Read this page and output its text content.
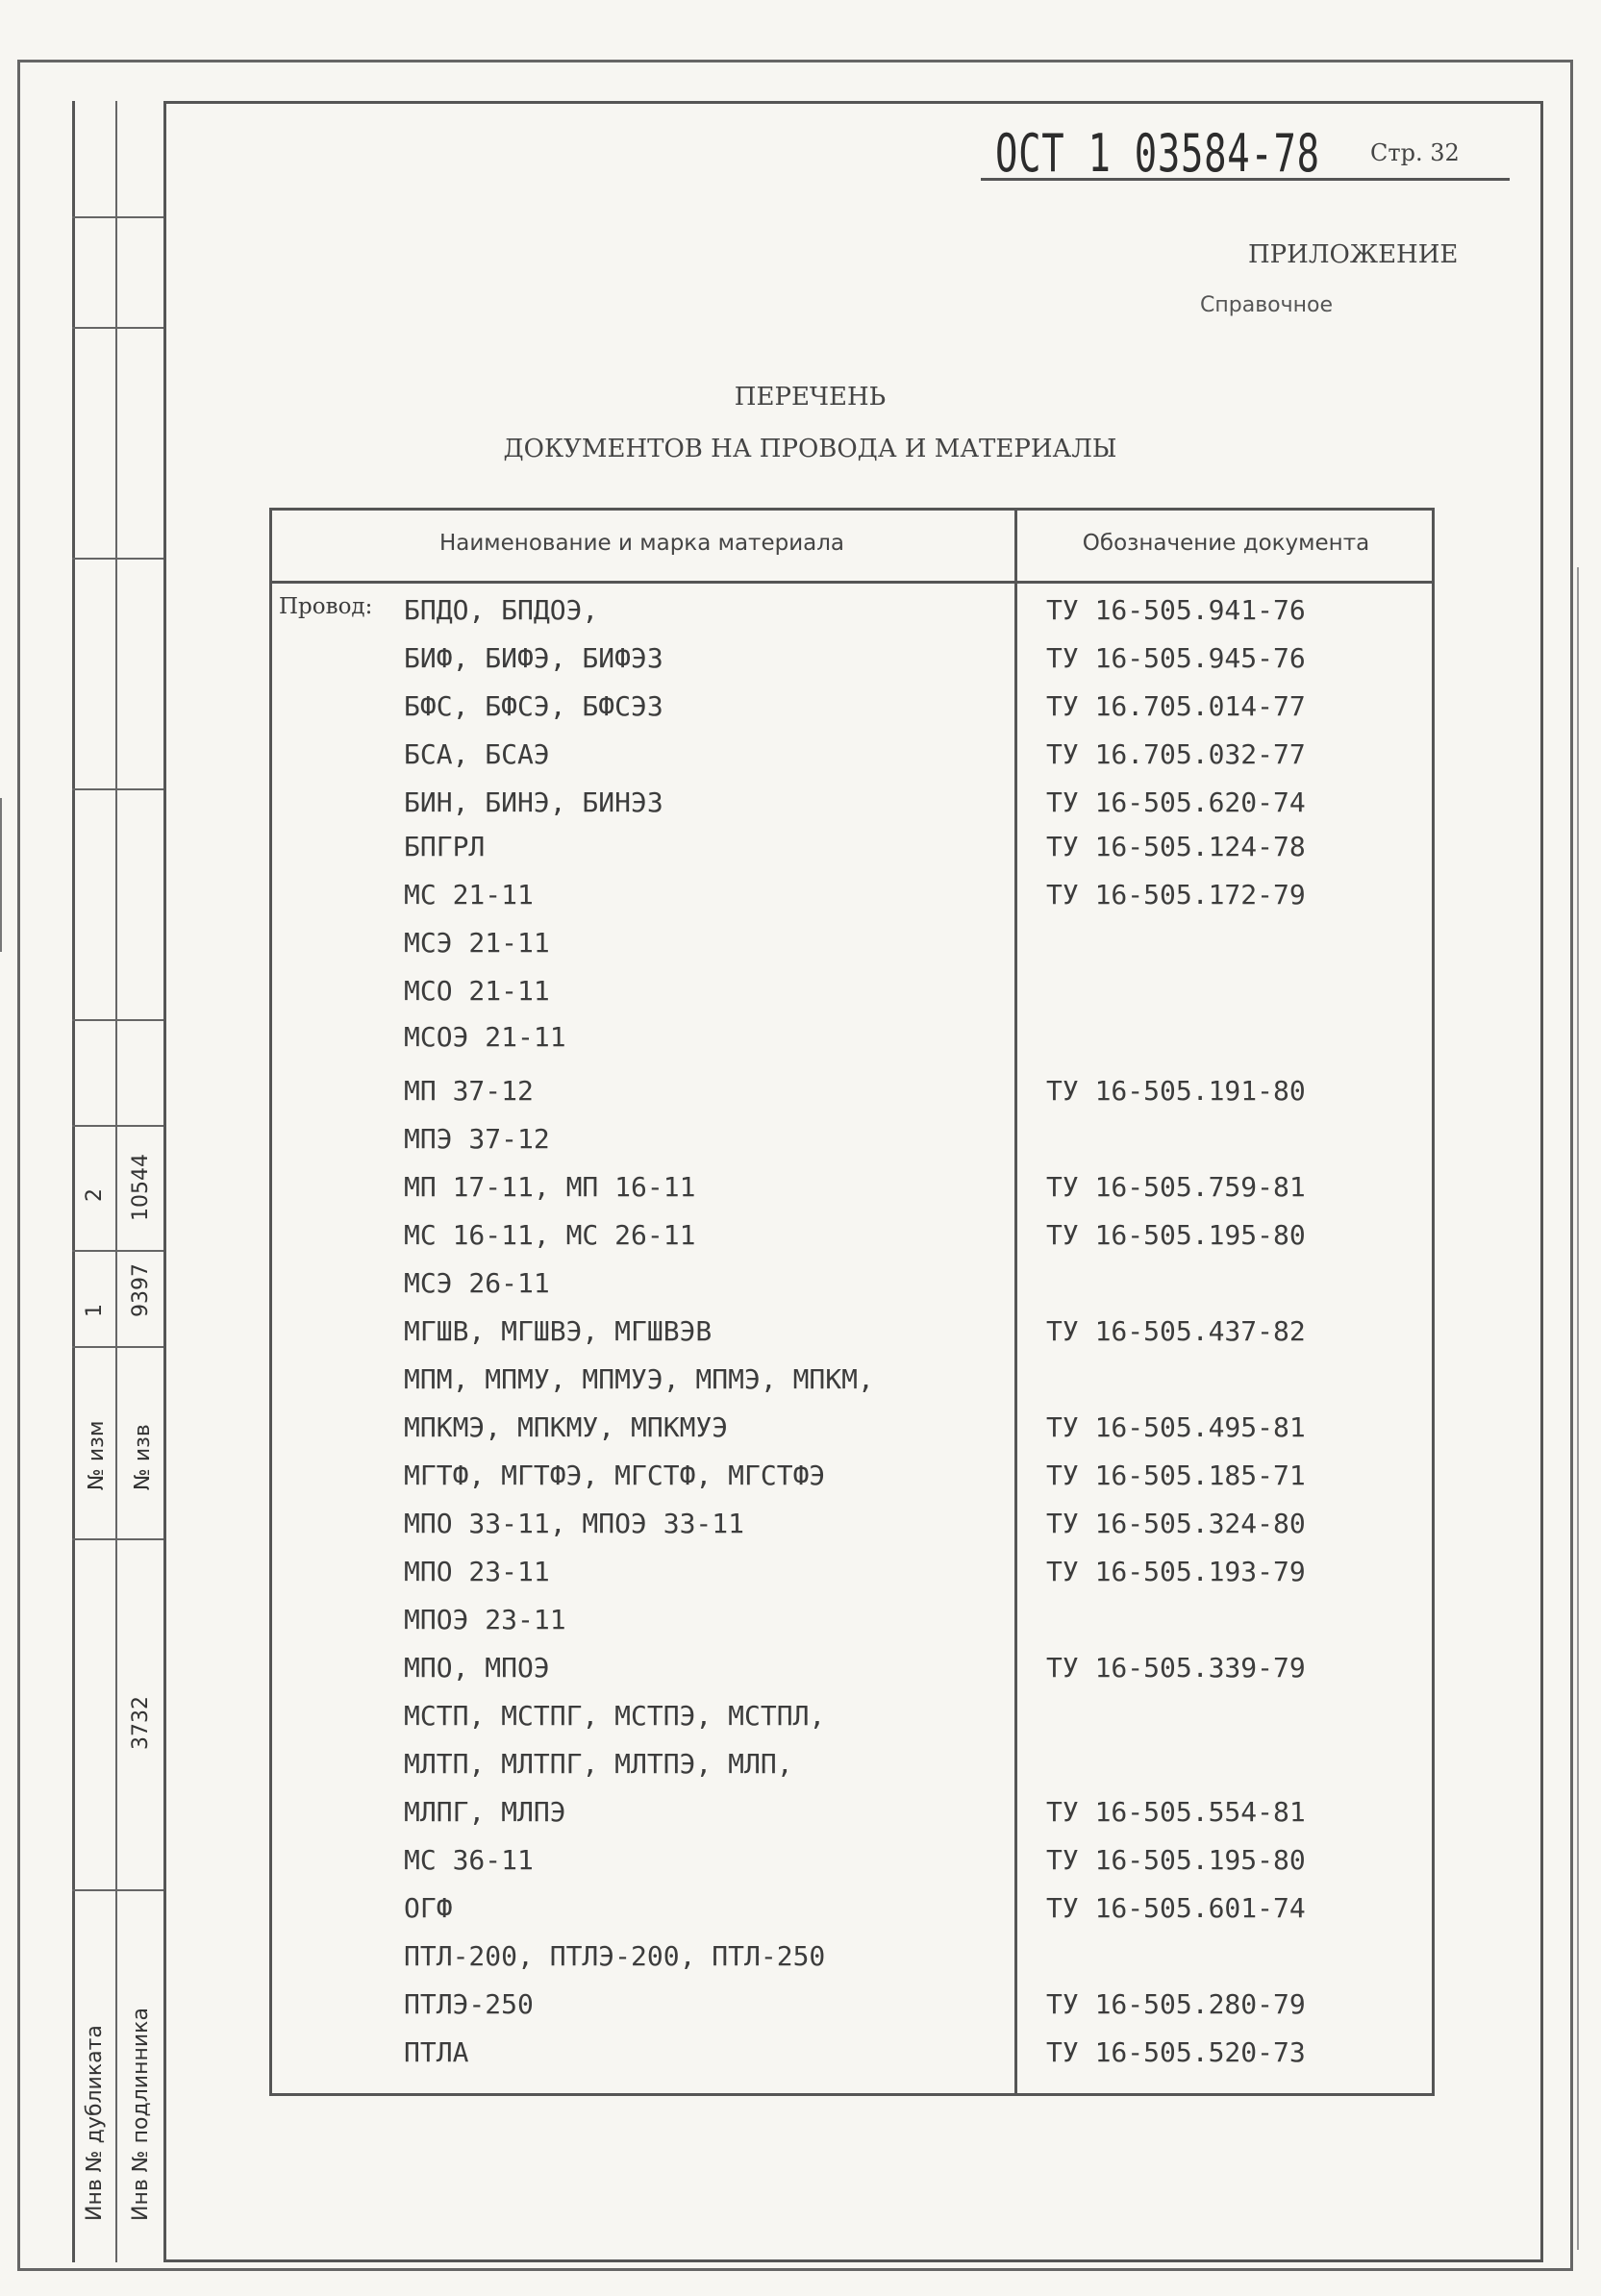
№ изм № изв
1 9397
2 10544
3732
Инв № дубликата Инв № подлинника
ОСТ 1 03584-78 Стр. 32
ПРИЛОЖЕНИЕ
Справочное
ПЕРЕЧЕНЬ
ДОКУМЕНТОВ НА ПРОВОДА И МАТЕРИАЛЫ
Наименование и марка материала	Обозначение документа
Провод: БПДО, БПДОЭ,	ТУ 16-505.941-76
БИФ, БИФЭ, БИФЭЗ	ТУ 16-505.945-76
БФС, БФСЭ, БФСЭЗ	ТУ 16.705.014-77
БСА, БСАЭ	ТУ 16.705.032-77
БИН, БИНЭ, БИНЭЗ	ТУ 16-505.620-74
БПГРЛ	ТУ 16-505.124-78
МС 21-11	ТУ 16-505.172-79
МСЭ 21-11
МСО 21-11
МСОЭ 21-11
МП 37-12	ТУ 16-505.191-80
МПЭ 37-12
МП 17-11, МП 16-11	ТУ 16-505.759-81
МС 16-11, МС 26-11	ТУ 16-505.195-80
МСЭ 26-11
МГШВ, МГШВЭ, МГШВЭВ	ТУ 16-505.437-82
МПМ, МПМУ, МПМУЭ, МПМЭ, МПКМ,
МПКМЭ, МПКМУ, МПКМУЭ	ТУ 16-505.495-81
МГТФ, МГТФЭ, МГСТФ, МГСТФЭ	ТУ 16-505.185-71
МПО 33-11, МПОЭ 33-11	ТУ 16-505.324-80
МПО 23-11	ТУ 16-505.193-79
МПОЭ 23-11
МПО, МПОЭ	ТУ 16-505.339-79
МСТП, МСТПГ, МСТПЭ, МСТПЛ,
МЛТП, МЛТПГ, МЛТПЭ, МЛП,
МЛПГ, МЛПЭ	ТУ 16-505.554-81
МС 36-11	ТУ 16-505.195-80
ОГФ	ТУ 16-505.601-74
ПТЛ-200, ПТЛЭ-200, ПТЛ-250
ПТЛЭ-250	ТУ 16-505.280-79
ПТЛА	ТУ 16-505.520-73
